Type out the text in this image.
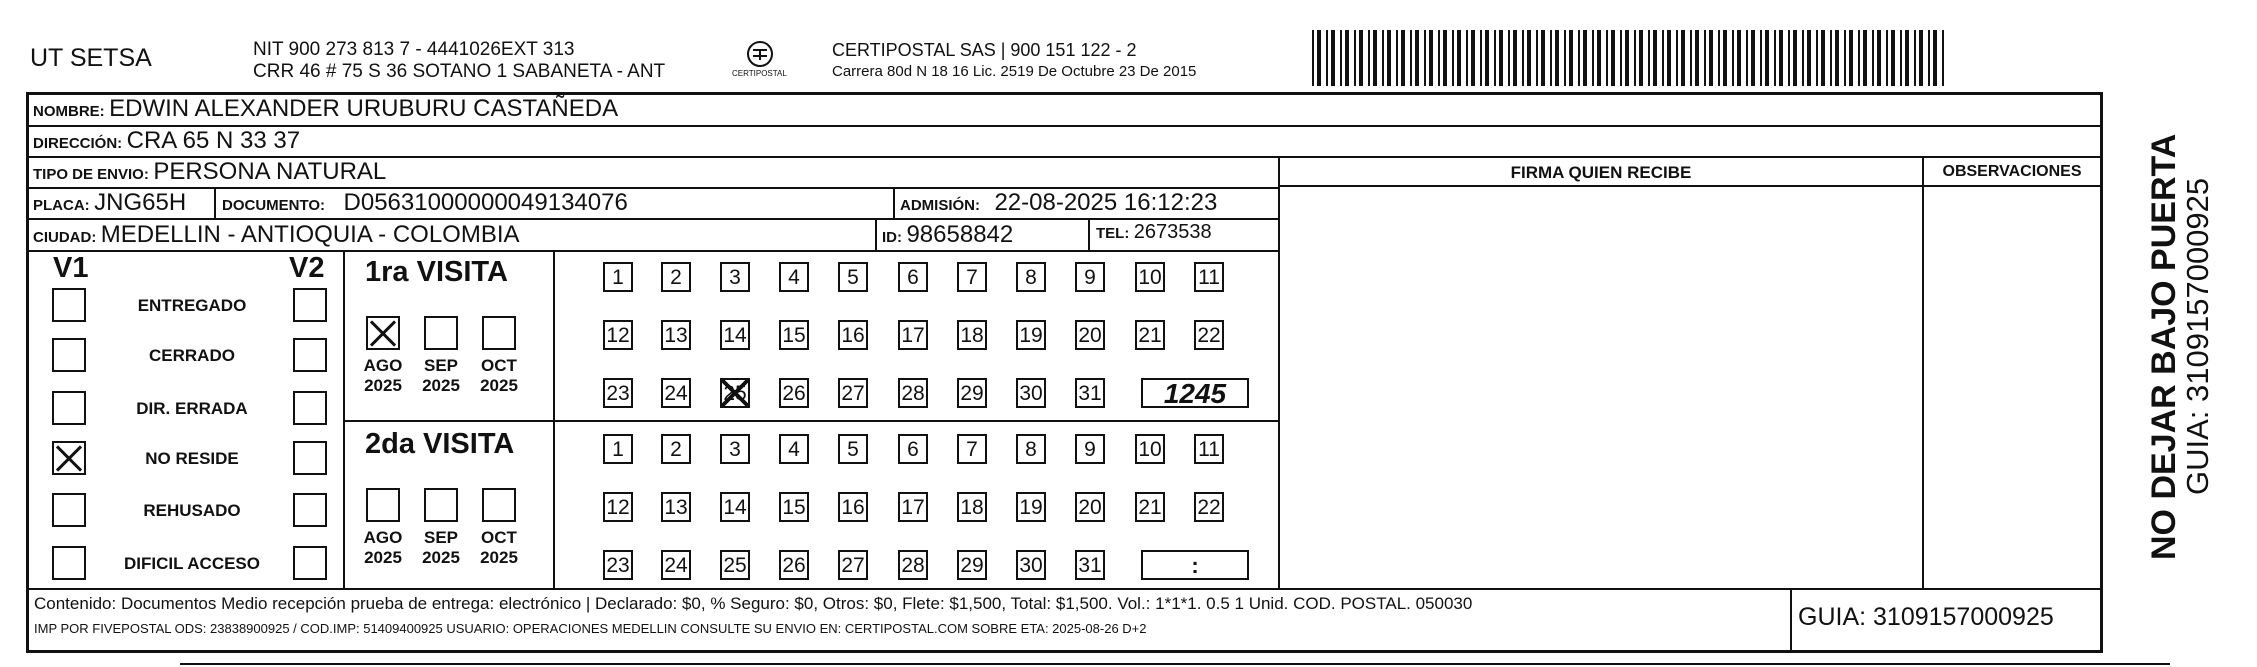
UT SETSA	NIT 900 273 813 7 - 4441026EXT 313
CRR 46 # 75 S 36 SOTANO 1 SABANETA - ANT	CERTIPOSTAL
CERTIPOSTAL SAS | 900 151 122 - 2
Carrera 80d N 18 16 Lic. 2519 De Octubre 23 De 2015
NOMBRE: EDWIN ALEXANDER URUBURU CASTAÑEDA
DIRECCIÓN: CRA 65 N 33 37
TIPO DE ENVIO: PERSONA NATURAL
PLACA: JNG65H DOCUMENTO: D05631000000049134076	ADMISIÓN: 22-08-2025 16:12:23
CIUDAD: MEDELLIN - ANTIOQUIA - COLOMBIA	ID: 98658842	TEL: 2673538
FIRMA QUIEN RECIBE	OBSERVACIONES
V1	V2
ENTREGADO
CERRADO
DIR. ERRADA
NO RESIDE
REHUSADO
DIFICIL ACCESO
1ra VISITA
AGO
2025
SEP
2025
OCT
2025
1	2	3	4	5	6	7	8	9	10 11
12 13 14 15 16 17 18 19 20 21 22
23 24 25 26 27 28 29 30 31	1245
2da VISITA
AGO
2025
SEP
2025
OCT
2025
1	2	3	4	5	6	7	8	9	10 11
12 13 14 15 16 17 18 19 20 21 22
23 24 25 26 27 28 29 30 31	:
Contenido: Documentos Medio recepción prueba de entrega: electrónico | Declarado: $0, % Seguro: $0, Otros: $0, Flete: $1,500, Total: $1,500. Vol.: 1*1*1. 0.5 1 Unid. COD. POSTAL. 050030
IMP POR FIVEPOSTAL ODS: 23838900925 / COD.IMP: 51409400925 USUARIO: OPERACIONES MEDELLIN CONSULTE SU ENVIO EN: CERTIPOSTAL.COM SOBRE ETA: 2025-08-26 D+2	GUIA: 3109157000925
NO DEJAR BAJO PUERTA
GUIA: 3109157000925
